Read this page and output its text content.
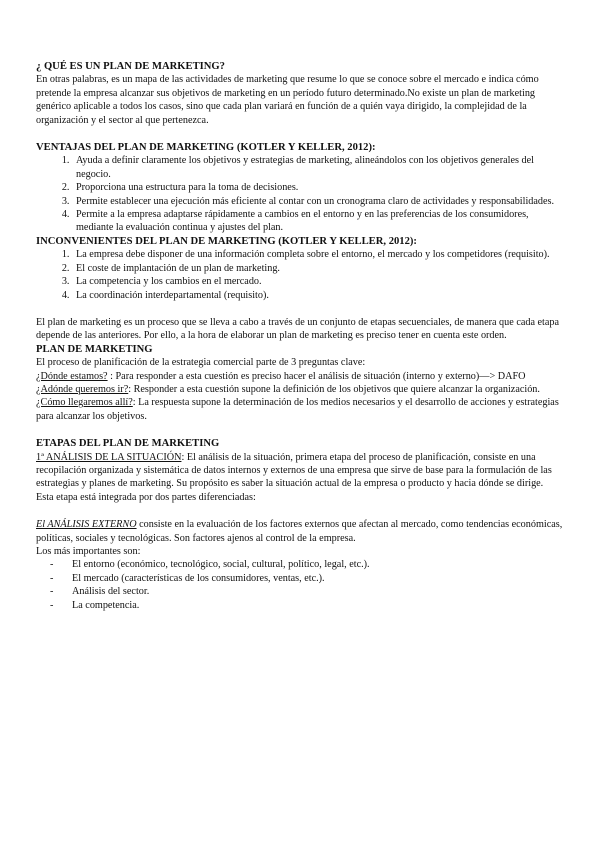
¿ QUÉ ES UN PLAN DE MARKETING?

En otras palabras, es un mapa de las actividades de marketing que resume lo que se conoce sobre el mercado e indica cómo pretende la empresa alcanzar sus objetivos de marketing en un período futuro determinado.No existe un plan de marketing genérico aplicable a todos los casos, sino que cada plan variará en función de a quién vaya dirigido, la complejidad de la organización y el sector al que pertenezca.

VENTAJAS DEL PLAN DE MARKETING (KOTLER Y KELLER, 2012):

1. Ayuda a definir claramente los objetivos y estrategias de marketing, alineándolos con los objetivos generales del negocio.
2. Proporciona una estructura para la toma de decisiones.
3. Permite establecer una ejecución más eficiente al contar con un cronograma claro de actividades y responsabilidades.
4. Permite a la empresa adaptarse rápidamente a cambios en el entorno y en las preferencias de los consumidores, mediante la evaluación continua y ajustes del plan.

INCONVENIENTES DEL PLAN DE MARKETING (KOTLER Y KELLER, 2012):

1. La empresa debe disponer de una información completa sobre el entorno, el mercado y los competidores (requisito).
2. El coste de implantación de un plan de marketing.
3. La competencia y los cambios en el mercado.
4. La coordinación interdepartamental (requisito).

El plan de marketing es un proceso que se lleva a cabo a través de un conjunto de etapas secuenciales, de manera que cada etapa depende de las anteriores. Por ello, a la hora de elaborar un plan de marketing es preciso tener en cuenta este orden.

PLAN DE MARKETING

El proceso de planificación de la estrategia comercial parte de 3 preguntas clave:

¿Dónde estamos? : Para responder a esta cuestión es preciso hacer el análisis de situación (interno y externo)—> DAFO

¿Adónde queremos ir?: Responder a esta cuestión supone la definición de los objetivos que quiere alcanzar la organización.

¿Cómo llegaremos allí?: La respuesta supone la determinación de los medios necesarios y el desarrollo de acciones y estrategias para alcanzar los objetivos.

ETAPAS DEL PLAN DE MARKETING

1ª ANÁLISIS DE LA SITUACIÓN: El análisis de la situación, primera etapa del proceso de planificación, consiste en una recopilación organizada y sistemática de datos internos y externos de una empresa que sirve de base para la formulación de las estrategias y planes de marketing. Su propósito es saber la situación actual de la empresa o producto y hacia dónde se dirige.

Esta etapa está integrada por dos partes diferenciadas:

El ANÁLISIS EXTERNO consiste en la evaluación de los factores externos que afectan al mercado, como tendencias económicas, políticas, sociales y tecnológicas. Son factores ajenos al control de la empresa.

Los más importantes son:

- El entorno (económico, tecnológico, social, cultural, político, legal, etc.).
- El mercado (características de los consumidores, ventas, etc.).
- Análisis del sector.
- La competencia.
